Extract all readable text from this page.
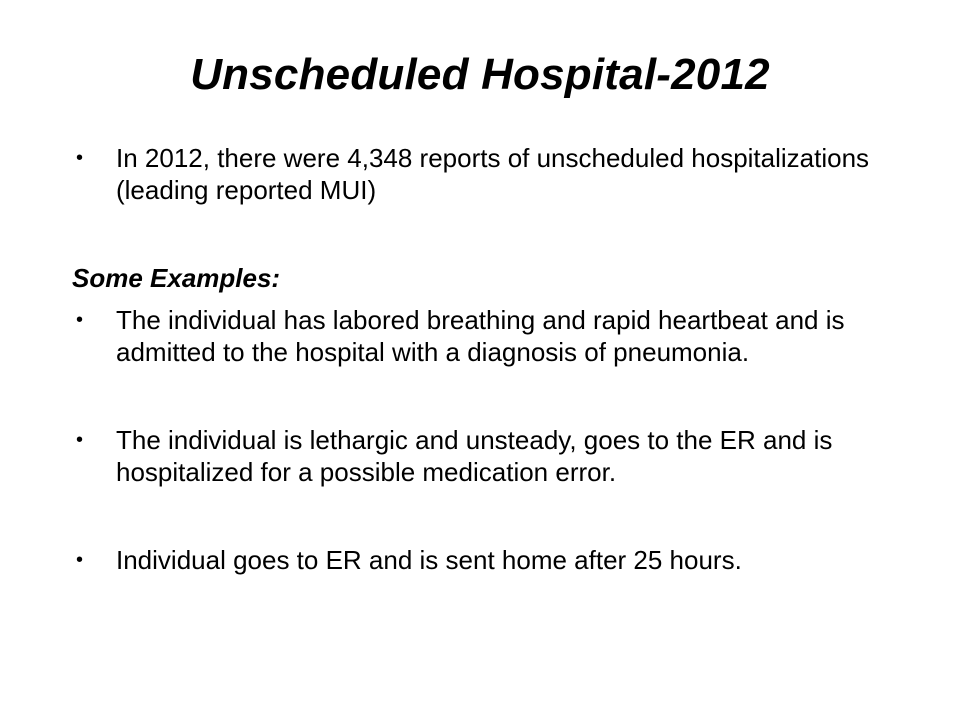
Unscheduled Hospital-2012
• In 2012, there were 4,348 reports of unscheduled hospitalizations (leading reported MUI)

Some Examples:

• The individual has labored breathing and rapid heartbeat and is admitted to the hospital with a diagnosis of pneumonia.
• The individual is lethargic and unsteady, goes to the ER and is hospitalized for a possible medication error.
• Individual goes to ER and is sent home after 25 hours.
